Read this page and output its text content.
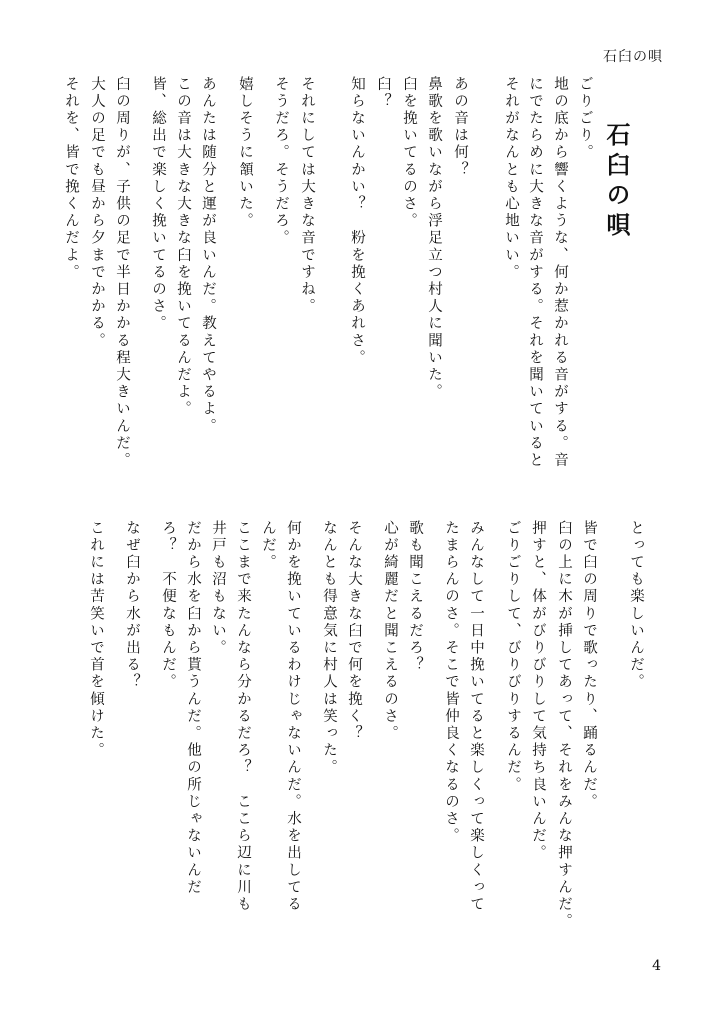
石臼の唄
石臼の唄
地の底から響くような、何か惹かれる音がする。音 ごりごり。
にでたらめに大きな音がする。それを聞いていると
それがなんとも心地いい。
あの音は何？
鼻歌を歌いながら浮足立つ村人に聞いた。
臼を挽いてるのさ。
臼？
知らないんかい？　粉を挽くあれさ。
それにしては大きな音ですね。
そうだろ。そうだろ。
嬉しそうに頷いた。
あんたは随分と運が良いんだ。教えてやるよ。
この音は大きな大きな臼を挽いてるんだよ。
皆、総出で楽しく挽いてるのさ。
臼の周りが、子供の足で半日かかる程大きいんだ。
大人の足でも昼から夕までかかる。
それを、皆で挽くんだよ。
とっても楽しいんだ。
皆で臼の周りで歌ったり、踊るんだ。
臼の上に木が挿してあって、それをみんな押すんだ。
押すと、体がびりびりして気持ち良いんだ。
ごりごりして、びりびりするんだ。
みんなして一日中挽いてると楽しくって楽しくって
たまらんのさ。そこで皆仲良くなるのさ。
歌も聞こえるだろ？
心が綺麗だと聞こえるのさ。
そんな大きな臼で何を挽く？
なんとも得意気に村人は笑った。
何かを挽いているわけじゃないんだ。水を出してる
んだ。
ここまで来たんなら分かるだろ？　ここら辺に川も
井戸も沼もない。
だから水を臼から貰うんだ。他の所じゃないんだ
ろ？　不便なもんだ。
なぜ臼から水が出る？
これには苦笑いで首を傾けた。
4
